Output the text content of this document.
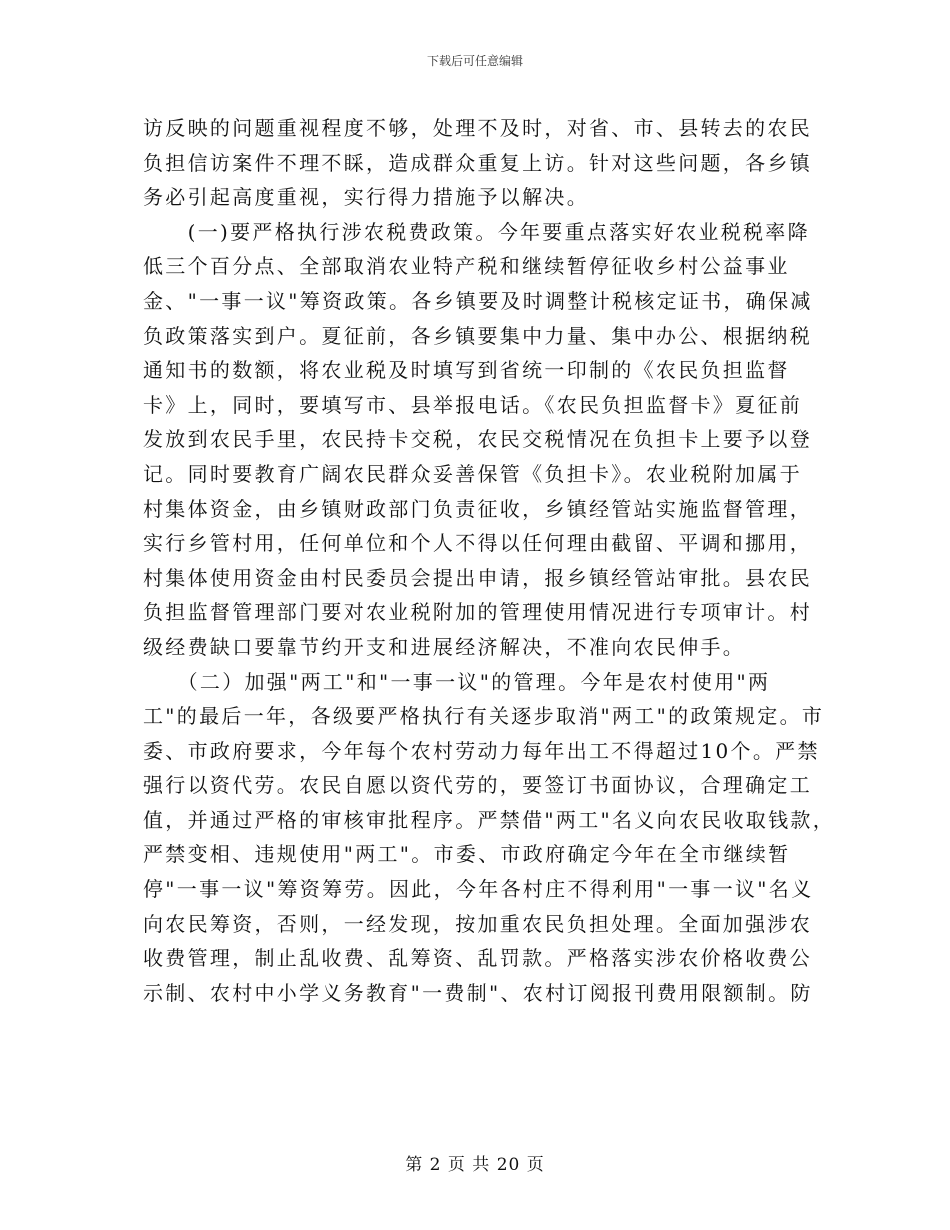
下载后可任意编辑
访反映的问题重视程度不够，处理不及时，对省、市、县转去的农民
负担信访案件不理不睬，造成群众重复上访。针对这些问题，各乡镇
务必引起高度重视，实行得力措施予以解决。
　　(一)要严格执行涉农税费政策。今年要重点落实好农业税税率降
低三个百分点、全部取消农业特产税和继续暂停征收乡村公益事业
金、"一事一议"筹资政策。各乡镇要及时调整计税核定证书，确保减
负政策落实到户。夏征前，各乡镇要集中力量、集中办公、根据纳税
通知书的数额，将农业税及时填写到省统一印制的《农民负担监督
卡》上，同时，要填写市、县举报电话。《农民负担监督卡》夏征前
发放到农民手里，农民持卡交税，农民交税情况在负担卡上要予以登
记。同时要教育广阔农民群众妥善保管《负担卡》。农业税附加属于
村集体资金，由乡镇财政部门负责征收，乡镇经管站实施监督管理，
实行乡管村用，任何单位和个人不得以任何理由截留、平调和挪用，
村集体使用资金由村民委员会提出申请，报乡镇经管站审批。县农民
负担监督管理部门要对农业税附加的管理使用情况进行专项审计。村
级经费缺口要靠节约开支和进展经济解决，不准向农民伸手。
　　（二）加强"两工"和"一事一议"的管理。今年是农村使用"两
工"的最后一年，各级要严格执行有关逐步取消"两工"的政策规定。市
委、市政府要求，今年每个农村劳动力每年出工不得超过10个。严禁
强行以资代劳。农民自愿以资代劳的，要签订书面协议，合理确定工
值，并通过严格的审核审批程序。严禁借"两工"名义向农民收取钱款，
严禁变相、违规使用"两工"。市委、市政府确定今年在全市继续暂
停"一事一议"筹资筹劳。因此，今年各村庄不得利用"一事一议"名义
向农民筹资，否则，一经发现，按加重农民负担处理。全面加强涉农
收费管理，制止乱收费、乱筹资、乱罚款。严格落实涉农价格收费公
示制、农村中小学义务教育"一费制"、农村订阅报刊费用限额制。防
第 2 页 共 20 页
